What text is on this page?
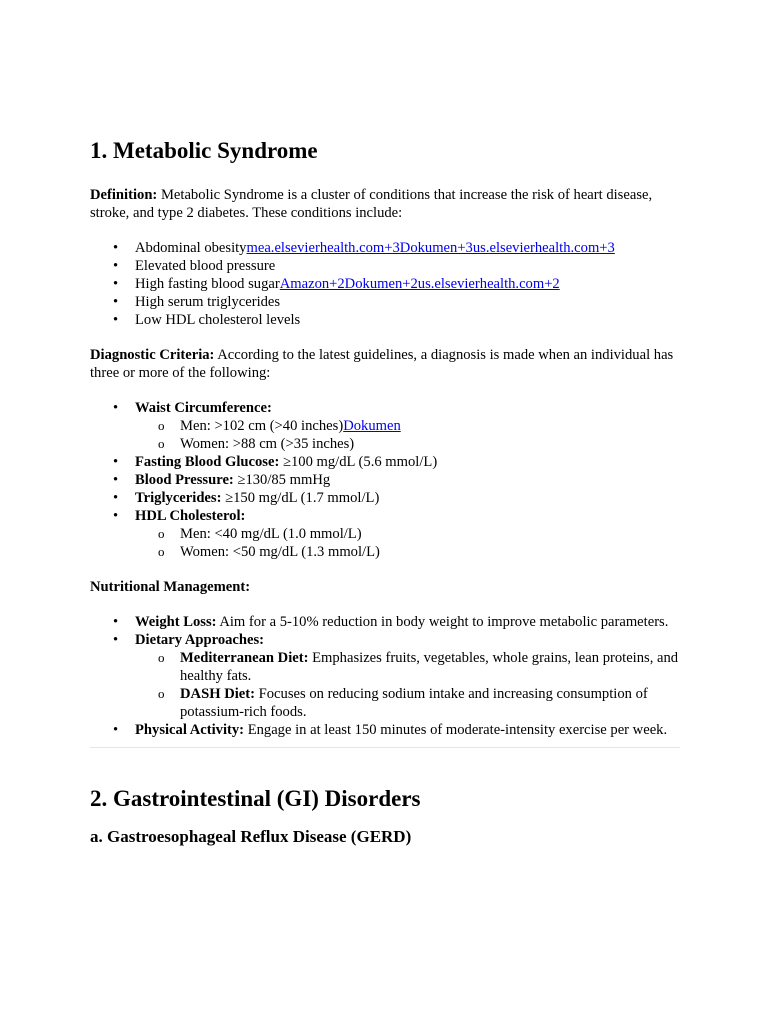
1. Metabolic Syndrome

Definition: Metabolic Syndrome is a cluster of conditions that increase the risk of heart disease, stroke, and type 2 diabetes. These conditions include:

• Abdominal obesitymea.elsevierhealth.com+3Dokumen+3us.elsevierhealth.com+3
• Elevated blood pressure
• High fasting blood sugarAmazon+2Dokumen+2us.elsevierhealth.com+2
• High serum triglycerides
• Low HDL cholesterol levels

Diagnostic Criteria: According to the latest guidelines, a diagnosis is made when an individual has three or more of the following:

• Waist Circumference:
o Men: >102 cm (>40 inches)Dokumen
o Women: >88 cm (>35 inches)
• Fasting Blood Glucose: ≥100 mg/dL (5.6 mmol/L)
• Blood Pressure: ≥130/85 mmHg
• Triglycerides: ≥150 mg/dL (1.7 mmol/L)
• HDL Cholesterol:
o Men: <40 mg/dL (1.0 mmol/L)
o Women: <50 mg/dL (1.3 mmol/L)

Nutritional Management:

• Weight Loss: Aim for a 5-10% reduction in body weight to improve metabolic parameters.
• Dietary Approaches:
o Mediterranean Diet: Emphasizes fruits, vegetables, whole grains, lean proteins, and healthy fats.
o DASH Diet: Focuses on reducing sodium intake and increasing consumption of potassium-rich foods.
• Physical Activity: Engage in at least 150 minutes of moderate-intensity exercise per week.
2. Gastrointestinal (GI) Disorders
a. Gastroesophageal Reflux Disease (GERD)
